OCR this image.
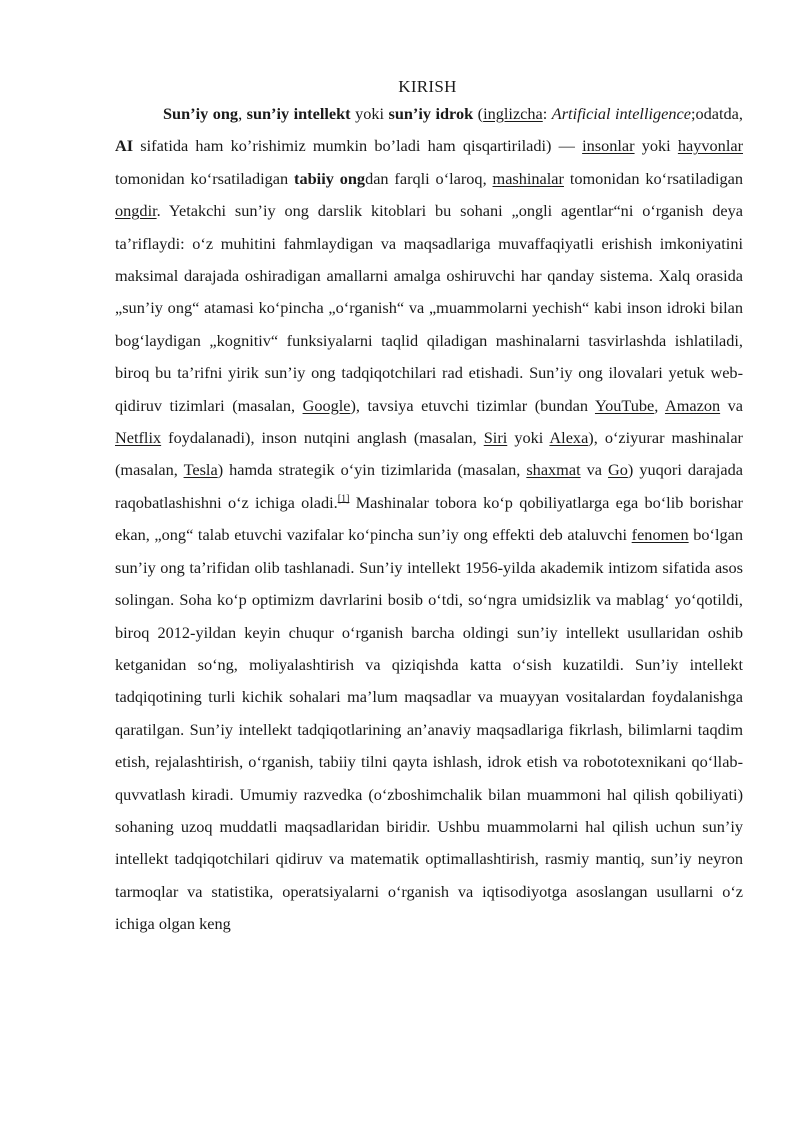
KIRISH

Sun’iy ong, sun’iy intellekt yoki sun’iy idrok (inglizcha: Artificial intelligence;odatda, AI sifatida ham ko’rishimiz mumkin bo’ladi ham qisqartiriladi) — insonlar yoki hayvonlar tomonidan ko‘rsatiladigan tabiiy ongdan farqli o‘laroq, mashinalar tomonidan ko‘rsatiladigan ongdir. Yetakchi sun’iy ong darslik kitoblari bu sohani „ongli agentlar“ni o‘rganish deya ta’riflaydi: o‘z muhitini fahmlaydigan va maqsadlariga muvaffaqiyatli erishish imkoniyatini maksimal darajada oshiradigan amallarni amalga oshiruvchi har qanday sistema. Xalq orasida „sun’iy ong“ atamasi ko‘pincha „o‘rganish“ va „muammolarni yechish“ kabi inson idroki bilan bog‘laydigan „kognitiv“ funksiyalarni taqlid qiladigan mashinalarni tasvirlashda ishlatiladi, biroq bu ta’rifni yirik sun’iy ong tadqiqotchilari rad etishadi. Sun’iy ong ilovalari yetuk web-qidiruv tizimlari (masalan, Google), tavsiya etuvchi tizimlar (bundan YouTube, Amazon va Netflix foydalanadi), inson nutqini anglash (masalan, Siri yoki Alexa), o‘ziyurar mashinalar (masalan, Tesla) hamda strategik o‘yin tizimlarida (masalan, shaxmat va Go) yuqori darajada raqobatlashishni o‘z ichiga oladi.[1] Mashinalar tobora ko‘p qobiliyatlarga ega bo‘lib borishar ekan, „ong“ talab etuvchi vazifalar ko‘pincha sun’iy ong effekti deb ataluvchi fenomen bo‘lgan sun’iy ong ta’rifidan olib tashlanadi. Sun’iy intellekt 1956-yilda akademik intizom sifatida asos solingan. Soha ko‘p optimizm davrlarini bosib o‘tdi, so‘ngra umidsizlik va mablag‘ yo‘qotildi, biroq 2012-yildan keyin chuqur o‘rganish barcha oldingi sun’iy intellekt usullaridan oshib ketganidan so‘ng, moliyalashtirish va qiziqishda katta o‘sish kuzatildi. Sun’iy intellekt tadqiqotining turli kichik sohalari ma’lum maqsadlar va muayyan vositalardan foydalanishga qaratilgan. Sun’iy intellekt tadqiqotlarining an’anaviy maqsadlariga fikrlash, bilimlarni taqdim etish, rejalashtirish, o‘rganish, tabiiy tilni qayta ishlash, idrok etish va robototexnikani qo‘llab-quvvatlash kiradi. Umumiy razvedka (o‘zboshimchalik bilan muammoni hal qilish qobiliyati) sohaning uzoq muddatli maqsadlaridan biridir. Ushbu muammolarni hal qilish uchun sun’iy intellekt tadqiqotchilari qidiruv va matematik optimallashtirish, rasmiy mantiq, sun’iy neyron tarmoqlar va statistika, operatsiyalarni o‘rganish va iqtisodiyotga asoslangan usullarni o‘z ichiga olgan keng
